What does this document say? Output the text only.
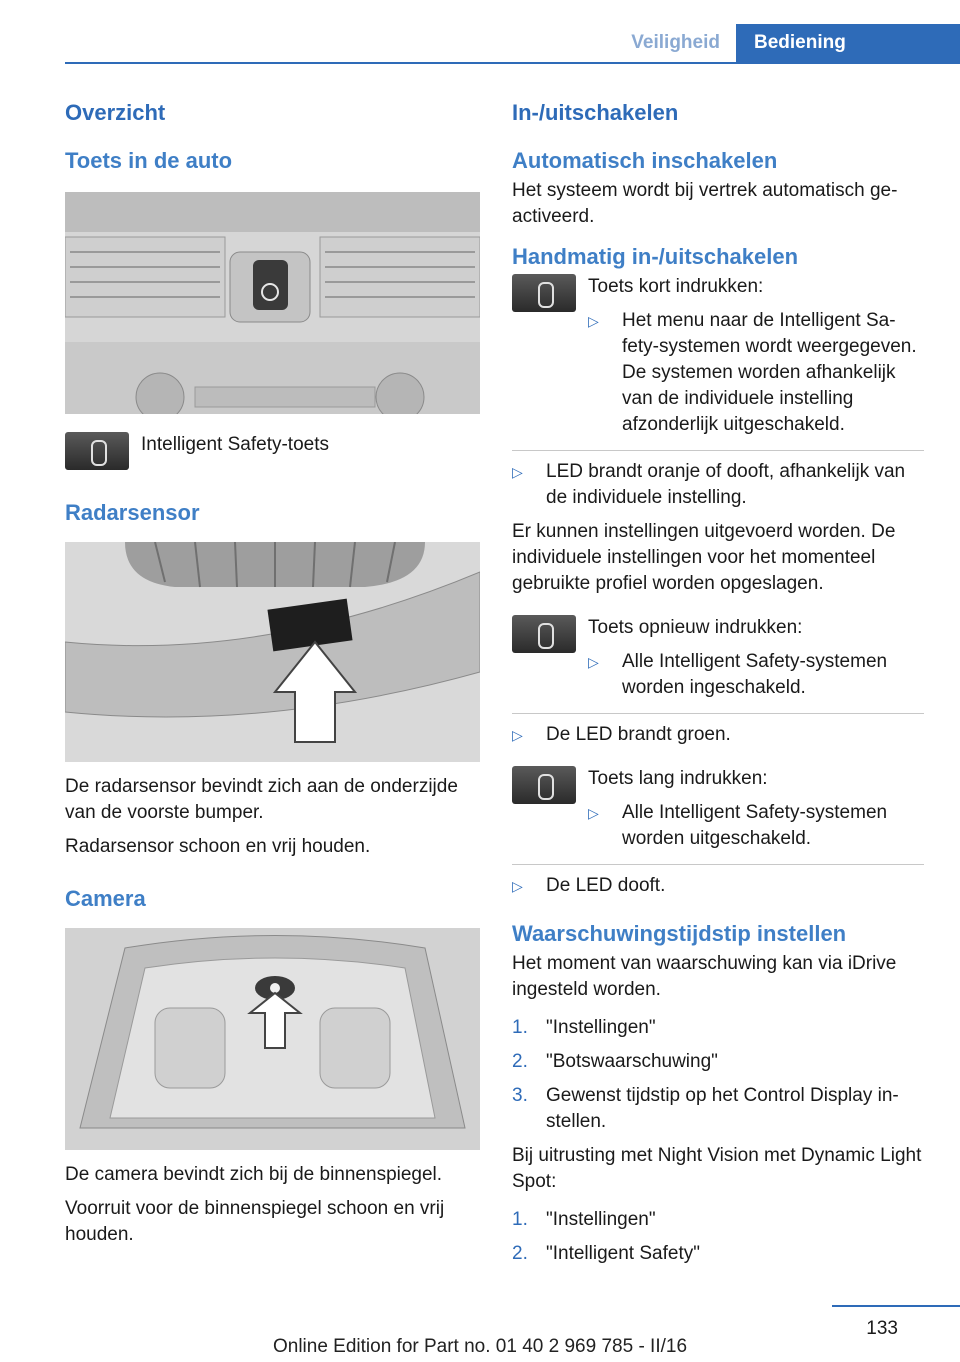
Veiligheid	Bediening
Overzicht
Toets in de auto

Intelligent Safety-toets

Radarsensor

De radarsensor bevindt zich aan de onderzijde van de voorste bumper.

Radarsensor schoon en vrij houden.

Camera

De camera bevindt zich bij de binnenspiegel.

Voorruit voor de binnenspiegel schoon en vrij houden.

In-/uitschakelen
Automatisch inschakelen

Het systeem wordt bij vertrek automatisch geactiveerd.

Handmatig in-/uitschakelen

Toets kort indrukken:

▷	Het menu naar de Intelligent Safety-systemen wordt weergegeven. De systemen worden afhankelijk van de individuele instelling afzonderlijk uitgeschakeld.
▷	LED brandt oranje of dooft, afhankelijk van de individuele instelling.

Er kunnen instellingen uitgevoerd worden. De individuele instellingen voor het momenteel gebruikte profiel worden opgeslagen.

Toets opnieuw indrukken:

▷	Alle Intelligent Safety-systemen worden ingeschakeld.
▷	De LED brandt groen.

Toets lang indrukken:

▷	Alle Intelligent Safety-systemen worden uitgeschakeld.
▷	De LED dooft.
Waarschuwingstijdstip instellen

Het moment van waarschuwing kan via iDrive ingesteld worden.

1. "Instellingen"
2. "Botswaarschuwing"
3. Gewenst tijdstip op het Control Display instellen.

Bij uitrusting met Night Vision met Dynamic Light Spot:

1. "Instellingen"
2. "Intelligent Safety"
133
Online Edition for Part no. 01 40 2 969 785 - II/16
